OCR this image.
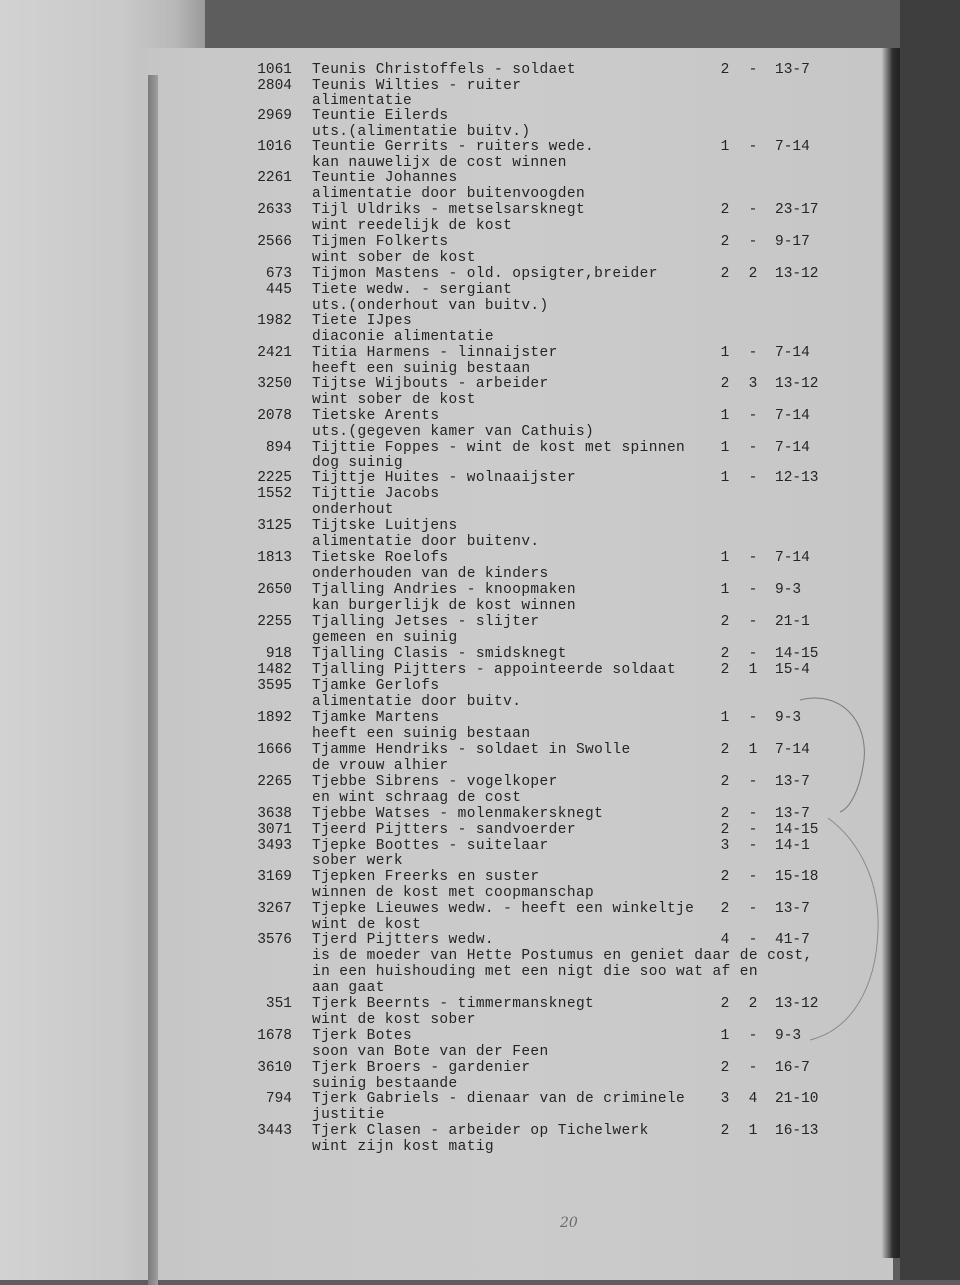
1061 Teunis Christoffels - soldaet	2	-	13-7
2804 Teunis Wilties - ruiter
alimentatie
2969 Teuntie Eilerds
uts.(alimentatie buitv.)
1016 Teuntie Gerrits - ruiters wede.	1	-	7-14
kan nauwelijx de cost winnen
2261 Teuntie Johannes
alimentatie door buitenvoogden
2633 Tijl Uldriks - metselsarsknegt	2	-	23-17
wint reedelijk de kost
2566 Tijmen Folkerts	2	-	9-17
wint sober de kost
673 Tijmon Mastens - old. opsigter,breider	2	2	13-12
445 Tiete wedw. - sergiant
uts.(onderhout van buitv.)
1982 Tiete IJpes
diaconie alimentatie
2421 Titia Harmens - linnaijster	1	-	7-14
heeft een suinig bestaan
3250 Tijtse Wijbouts - arbeider	2	3	13-12
wint sober de kost
2078 Tietske Arents	1	-	7-14
uts.(gegeven kamer van Cathuis)
894 Tijttie Foppes - wint de kost met spinnen	1	-	7-14
dog suinig
2225 Tijttje Huites - wolnaaijster	1	-	12-13
1552 Tijttie Jacobs
onderhout
3125 Tijtske Luitjens
alimentatie door buitenv.
1813 Tietske Roelofs	1	-	7-14
onderhouden van de kinders
2650 Tjalling Andries - knoopmaken	1	-	9-3
kan burgerlijk de kost winnen
2255 Tjalling Jetses - slijter	2	-	21-1
gemeen en suinig
918 Tjalling Clasis - smidsknegt	2	-	14-15
1482 Tjalling Pijtters - appointeerde soldaat	2	1	15-4
3595 Tjamke Gerlofs
alimentatie door buitv.
1892 Tjamke Martens	1	-	9-3
heeft een suinig bestaan
1666 Tjamme Hendriks - soldaet in Swolle	2	1	7-14
de vrouw alhier
2265 Tjebbe Sibrens - vogelkoper	2	-	13-7
en wint schraag de cost
3638 Tjebbe Watses - molenmakersknegt	2	-	13-7
3071 Tjeerd Pijtters - sandvoerder	2	-	14-15
3493 Tjepke Boottes - suitelaar	3	-	14-1
sober werk
3169 Tjepken Freerks en suster	2	-	15-18
winnen de kost met coopmanschap
3267 Tjepke Lieuwes wedw. - heeft een winkeltje	2	-	13-7
wint de kost
3576 Tjerd Pijtters wedw.	4	-	41-7
is de moeder van Hette Postumus en geniet daar de cost,
in een huishouding met een nigt die soo wat af en
aan gaat
351 Tjerk Beernts - timmermansknegt	2	2	13-12
wint de kost sober
1678 Tjerk Botes	1	-	9-3
soon van Bote van der Feen
3610 Tjerk Broers - gardenier	2	-	16-7
suinig bestaande
794 Tjerk Gabriels - dienaar van de criminele	3	4	21-10
justitie
3443 Tjerk Clasen - arbeider op Tichelwerk	2	1	16-13
wint zijn kost matig
20
